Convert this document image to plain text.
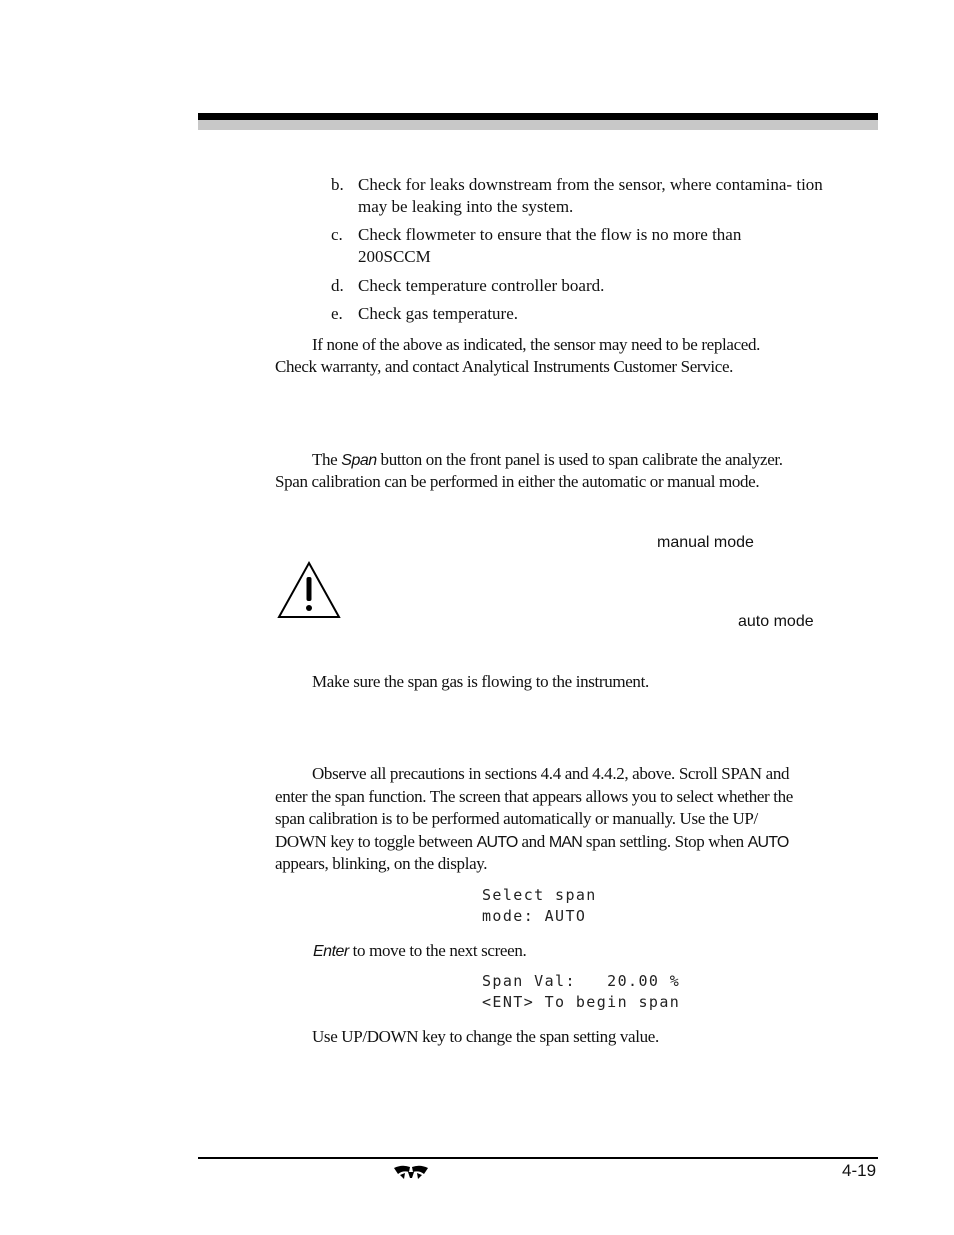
b. Check for leaks downstream from the sensor, where contamina- tion may be leaking into the system.
c. Check flowmeter to ensure that the flow is no more than 200SCCM
d. Check temperature controller board.
e. Check gas temperature.
If none of the above as indicated, the sensor may need to be replaced.
Check warranty, and contact Analytical Instruments Customer Service.
The Span button on the front panel is used to span calibrate the analyzer.
Span calibration can be performed in either the automatic or manual mode.
manual mode
auto mode
Make sure the span gas is flowing to the instrument.
Observe all precautions in sections 4.4 and 4.4.2, above. Scroll SPAN and
enter the span function. The screen that appears allows you to select whether the
span calibration is to be performed automatically or manually. Use the UP/
DOWN key to toggle between AUTO and MAN span settling. Stop when AUTO
appears, blinking, on the display.
Select span
mode: AUTO
Enter to move to the next screen.
Span Val:   20.00 %
<ENT> To begin span
Use UP/DOWN key to change the span setting value.
4-19
